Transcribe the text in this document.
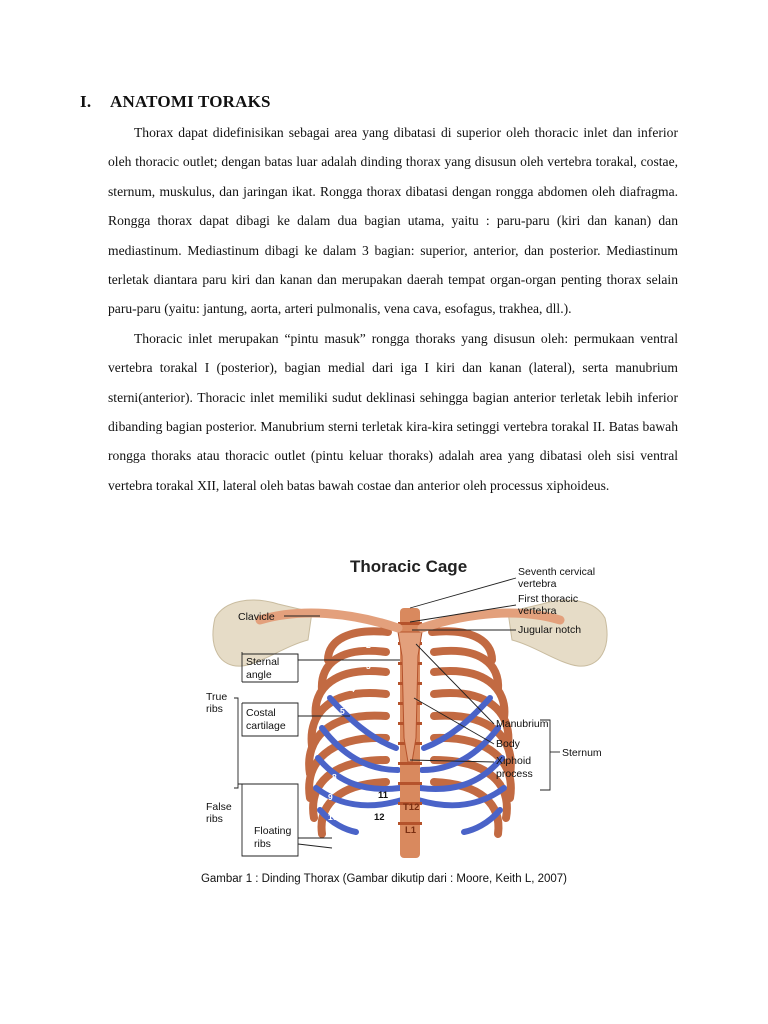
I. ANATOMI TORAKS

Thorax dapat didefinisikan sebagai area yang dibatasi di superior oleh thoracic inlet dan inferior oleh thoracic outlet; dengan batas luar adalah dinding thorax yang disusun oleh vertebra torakal, costae, sternum, muskulus, dan jaringan ikat. Rongga thorax dibatasi dengan rongga abdomen oleh diafragma. Rongga thorax dapat dibagi ke dalam dua bagian utama, yaitu : paru-paru (kiri dan kanan) dan mediastinum. Mediastinum dibagi ke dalam 3 bagian: superior, anterior, dan posterior. Mediastinum terletak diantara paru kiri dan kanan dan merupakan daerah tempat organ-organ penting thorax selain paru-paru (yaitu: jantung, aorta, arteri pulmonalis, vena cava, esofagus, trakhea, dll.).

Thoracic inlet merupakan “pintu masuk” rongga thoraks yang disusun oleh: permukaan ventral vertebra torakal I (posterior), bagian medial dari iga I kiri dan kanan (lateral), serta manubrium sterni(anterior). Thoracic inlet memiliki sudut deklinasi sehingga bagian anterior terletak lebih inferior dibanding bagian posterior. Manubrium sterni terletak kira-kira setinggi vertebra torakal II. Batas bawah rongga thoraks atau thoracic outlet (pintu keluar thoraks) adalah area yang dibatasi oleh sisi ventral vertebra torakal XII, lateral oleh batas bawah costae dan anterior oleh processus xiphoideus.

Thoracic Cage	Seventh cervical
vertebra
First thoracic
vertebra
Jugular notch
Manubrium
Body
Xiphoid
process
Sternum
Clavicle
Sternal
angle
True
ribs Costal
cartilage
False
ribs
Floating
ribs
2
3
4
5
6
7
8
9
10
11
11
12
T12
L1

Gambar 1 : Dinding Thorax (Gambar dikutip dari : Moore, Keith L, 2007)
